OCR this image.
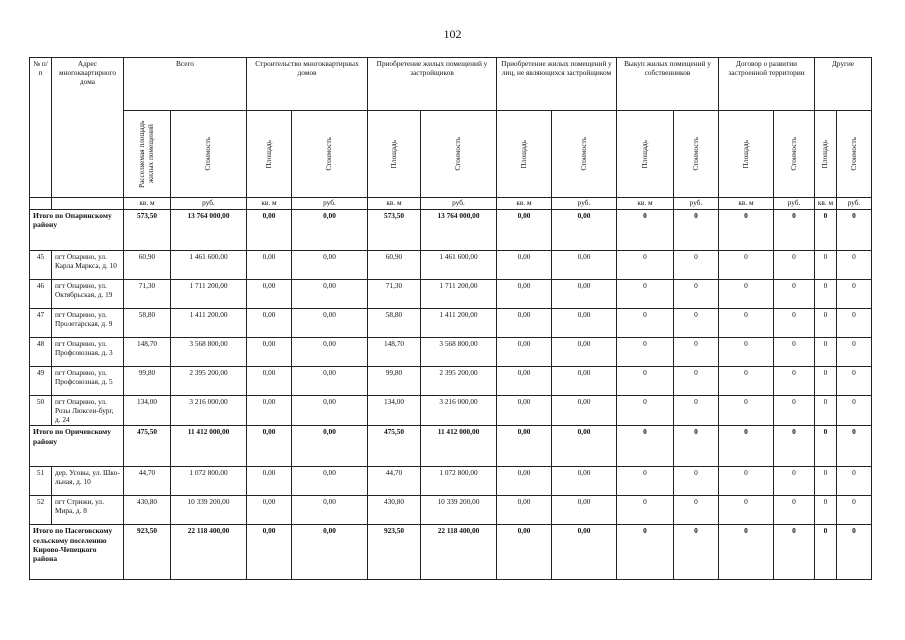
102
№ п/п	Адрес многоквартирного дома	Всего		Строительство многоквартирных домов		Приобретение жилых помещений у застройщиков		Приобретение жилых помещений у лиц, не являющихся застройщиком		Выкуп жилых помещений у собственников		Договор о развитии застроенной территории		Другие	

		Расселяемая площадь жилых помещений	Стоимость	Площадь	Стоимость	Площадь	Стоимость	Площадь	Стоимость	Площадь	Стоимость	Площадь	Стоимость	Площадь	Стоимость

		кв. м	руб.	кв. м	руб.	кв. м	руб.	кв. м	руб.	кв. м	руб.	кв. м	руб.	кв. м	руб.
Итого по Опаринскому району		573,50	13 764 000,00	0,00	0,00	573,50	13 764 000,00	0,00	0,00	0	0	0	0	0	0
45	пгт Опарино, ул. Карла Маркса, д. 10	60,90	1 461 600,00	0,00	0,00	60,90	1 461 600,00	0,00	0,00	0	0	0	0	0	0
46	пгт Опарино, ул. Октябрьская, д. 19	71,30	1 711 200,00	0,00	0,00	71,30	1 711 200,00	0,00	0,00	0	0	0	0	0	0
47	пгт Опарино, ул. Пролетарская, д. 9	58,80	1 411 200,00	0,00	0,00	58,80	1 411 200,00	0,00	0,00	0	0	0	0	0	0
48	пгт Опарино, ул. Профсоюзная, д. 3	148,70	3 568 800,00	0,00	0,00	148,70	3 568 800,00	0,00	0,00	0	0	0	0	0	0
49	пгт Опарино, ул. Профсоюзная, д. 5	99,80	2 395 200,00	0,00	0,00	99,80	2 395 200,00	0,00	0,00	0	0	0	0	0	0
50	пгт Опарино, ул. Розы Люксен-бург, д. 24	134,00	3 216 000,00	0,00	0,00	134,00	3 216 000,00	0,00	0,00	0	0	0	0	0	0
Итого по Оричевскому району		475,50	11 412 000,00	0,00	0,00	475,50	11 412 000,00	0,00	0,00	0	0	0	0	0	0
51	дер. Усовы, ул. Шко-льная, д. 10	44,70	1 072 800,00	0,00	0,00	44,70	1 072 800,00	0,00	0,00	0	0	0	0	0	0
52	пгт Стрижи, ул. Мира, д. 8	430,80	10 339 200,00	0,00	0,00	430,80	10 339 200,00	0,00	0,00	0	0	0	0	0	0
Итого по Пасеговскому сельскому поселению Кирово-Чепецкого района		923,50	22 118 400,00	0,00	0,00	923,50	22 118 400,00	0,00	0,00	0	0	0	0	0	0
